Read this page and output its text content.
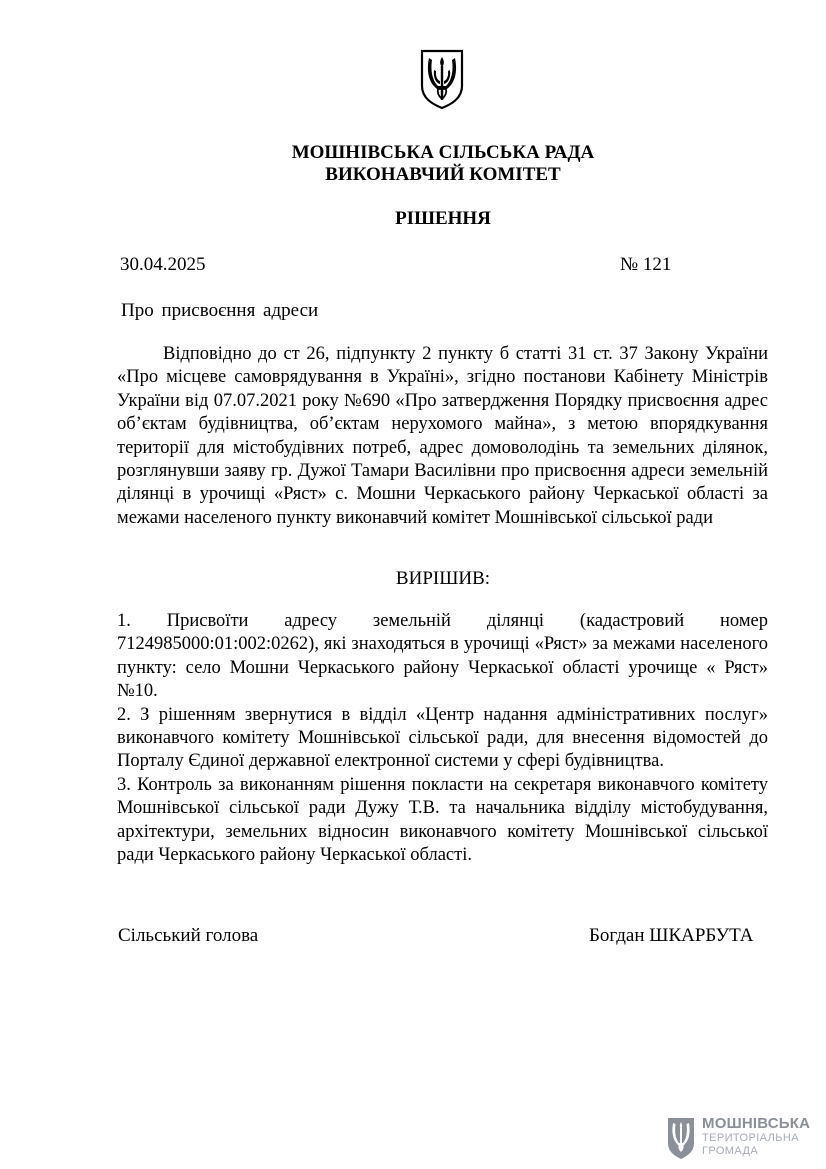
МОШНІВСЬКА СІЛЬСЬКА РАДА
ВИКОНАВЧИЙ КОМІТЕТ
РІШЕННЯ
30.04.2025	№ 121
Про присвоєння адреси

Відповідно до ст 26, підпункту 2 пункту б статті 31 ст. 37 Закону України «Про місцеве самоврядування в Україні», згідно постанови Кабінету Міністрів України від 07.07.2021 року №690 «Про затвердження Порядку присвоєння адрес об’єктам будівництва, об’єктам нерухомого майна», з метою впорядкування території для містобудівних потреб, адрес домоволодінь та земельних ділянок, розглянувши заяву гр. Дужої Тамари Василівни про присвоєння адреси земельній ділянці в урочищі «Ряст» с. Мошни Черкаського району Черкаської області за межами населеного пункту виконавчий комітет Мошнівської сільської ради

ВИРІШИВ:

1. Присвоїти адресу земельній ділянці (кадастровий номер 7124985000:01:002:0262), які знаходяться в урочищі «Ряст» за межами населеного пункту: село Мошни Черкаського району Черкаської області урочище « Ряст» №10.

2. З рішенням звернутися в відділ «Центр надання адміністративних послуг» виконавчого комітету Мошнівської сільської ради, для внесення відомостей до Порталу Єдиної державної електронної системи у сфері будівництва.

3. Контроль за виконанням рішення покласти на секретаря виконавчого комітету Мошнівської сільської ради Дужу Т.В. та начальника відділу містобудування, архітектури, земельних відносин виконавчого комітету Мошнівської сільської ради Черкаського району Черкаської області.

Сільський голова	Богдан ШКАРБУТА
МОШНІВСЬКА
ТЕРИТОРІАЛЬНА
ГРОМАДА
